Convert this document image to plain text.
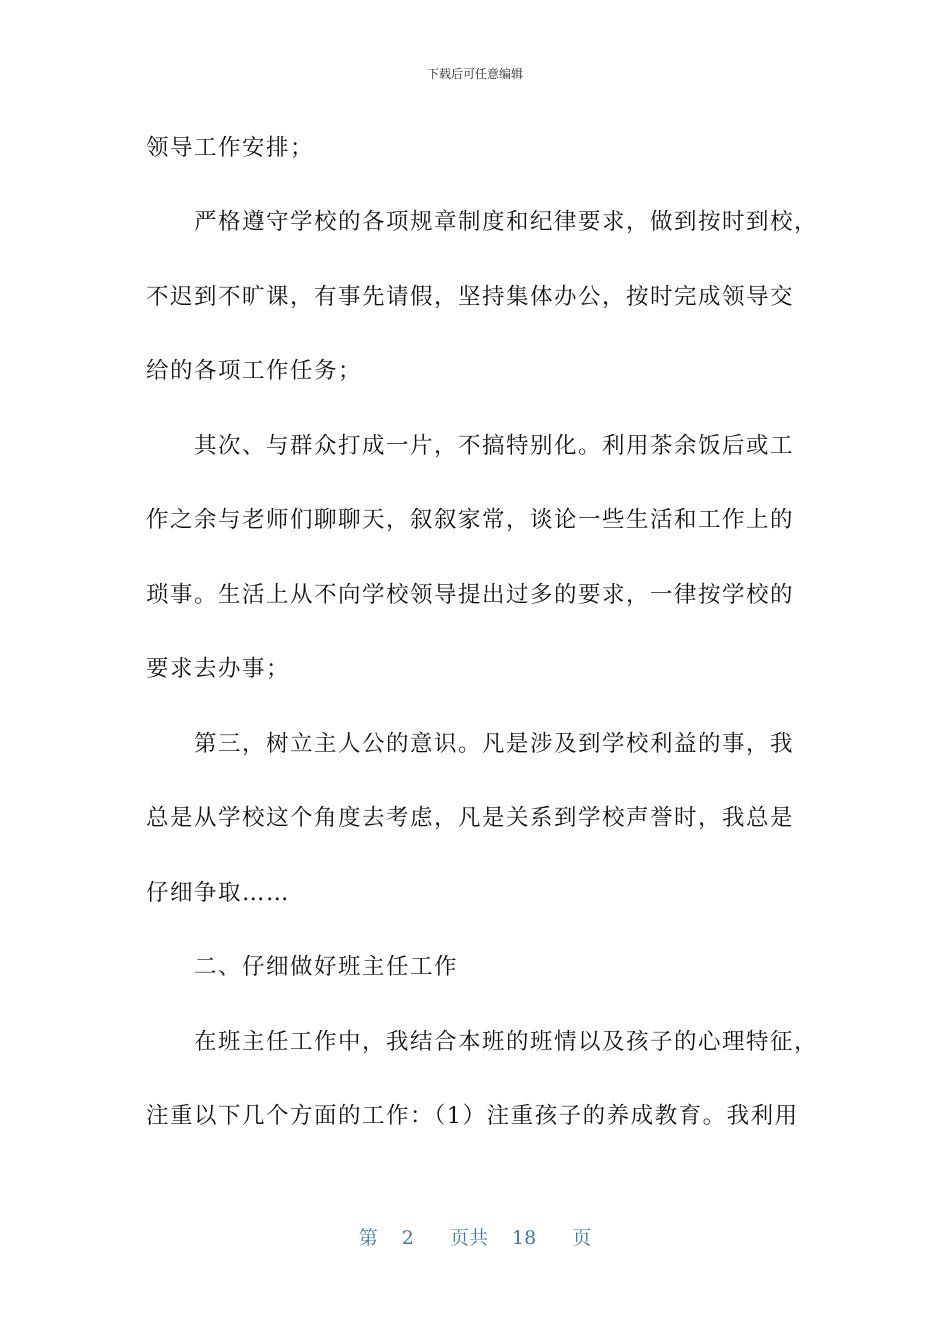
下载后可任意编辑
领导工作安排；
严格遵守学校的各项规章制度和纪律要求，做到按时到校，
不迟到不旷课，有事先请假，坚持集体办公，按时完成领导交
给的各项工作任务；
其次、与群众打成一片，不搞特别化。利用茶余饭后或工
作之余与老师们聊聊天，叙叙家常，谈论一些生活和工作上的
琐事。生活上从不向学校领导提出过多的要求，一律按学校的
要求去办事；
第三，树立主人公的意识。凡是涉及到学校利益的事，我
总是从学校这个角度去考虑，凡是关系到学校声誉时，我总是
仔细争取……
二、仔细做好班主任工作
在班主任工作中，我结合本班的班情以及孩子的心理特征，
注重以下几个方面的工作：（1）注重孩子的养成教育。我利用
第 2 页共 18 页
